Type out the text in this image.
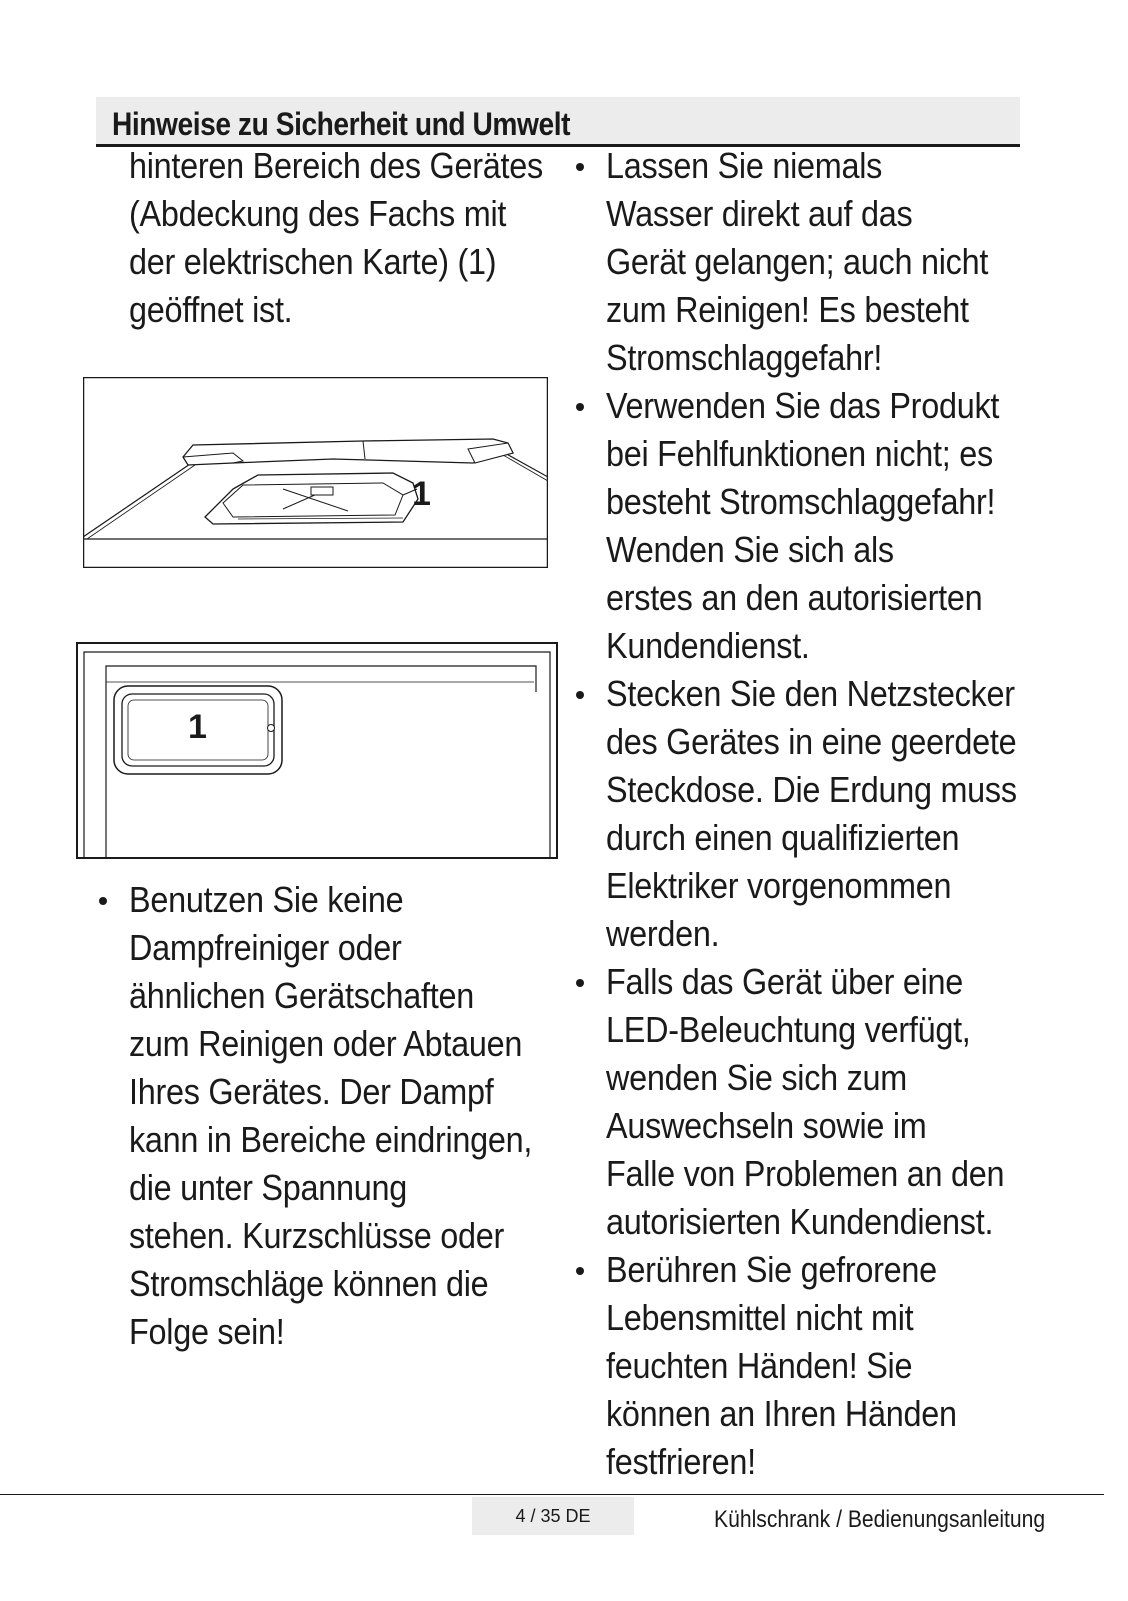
Hinweise zu Sicherheit und Umwelt
hinteren Bereich des Gerätes
(Abdeckung des Fachs mit
der elektrischen Karte) (1)
geöffnet ist.
1
1
Benutzen Sie keine
Dampfreiniger oder
ähnlichen Gerätschaften
zum Reinigen oder Abtauen
Ihres Gerätes. Der Dampf
kann in Bereiche eindringen,
die unter Spannung
stehen. Kurzschlüsse oder
Stromschläge können die
Folge sein!
Lassen Sie niemals
Wasser direkt auf das
Gerät gelangen; auch nicht
zum Reinigen! Es besteht
Stromschlaggefahr!
Verwenden Sie das Produkt
bei Fehlfunktionen nicht; es
besteht Stromschlaggefahr!
Wenden Sie sich als
erstes an den autorisierten
Kundendienst.
Stecken Sie den Netzstecker
des Gerätes in eine geerdete
Steckdose. Die Erdung muss
durch einen qualifizierten
Elektriker vorgenommen
werden.
Falls das Gerät über eine
LED-Beleuchtung verfügt,
wenden Sie sich zum
Auswechseln sowie im
Falle von Problemen an den
autorisierten Kundendienst.
Berühren Sie gefrorene
Lebensmittel nicht mit
feuchten Händen! Sie
können an Ihren Händen
festfrieren!
4 / 35 DE	Kühlschrank / Bedienungsanleitung
